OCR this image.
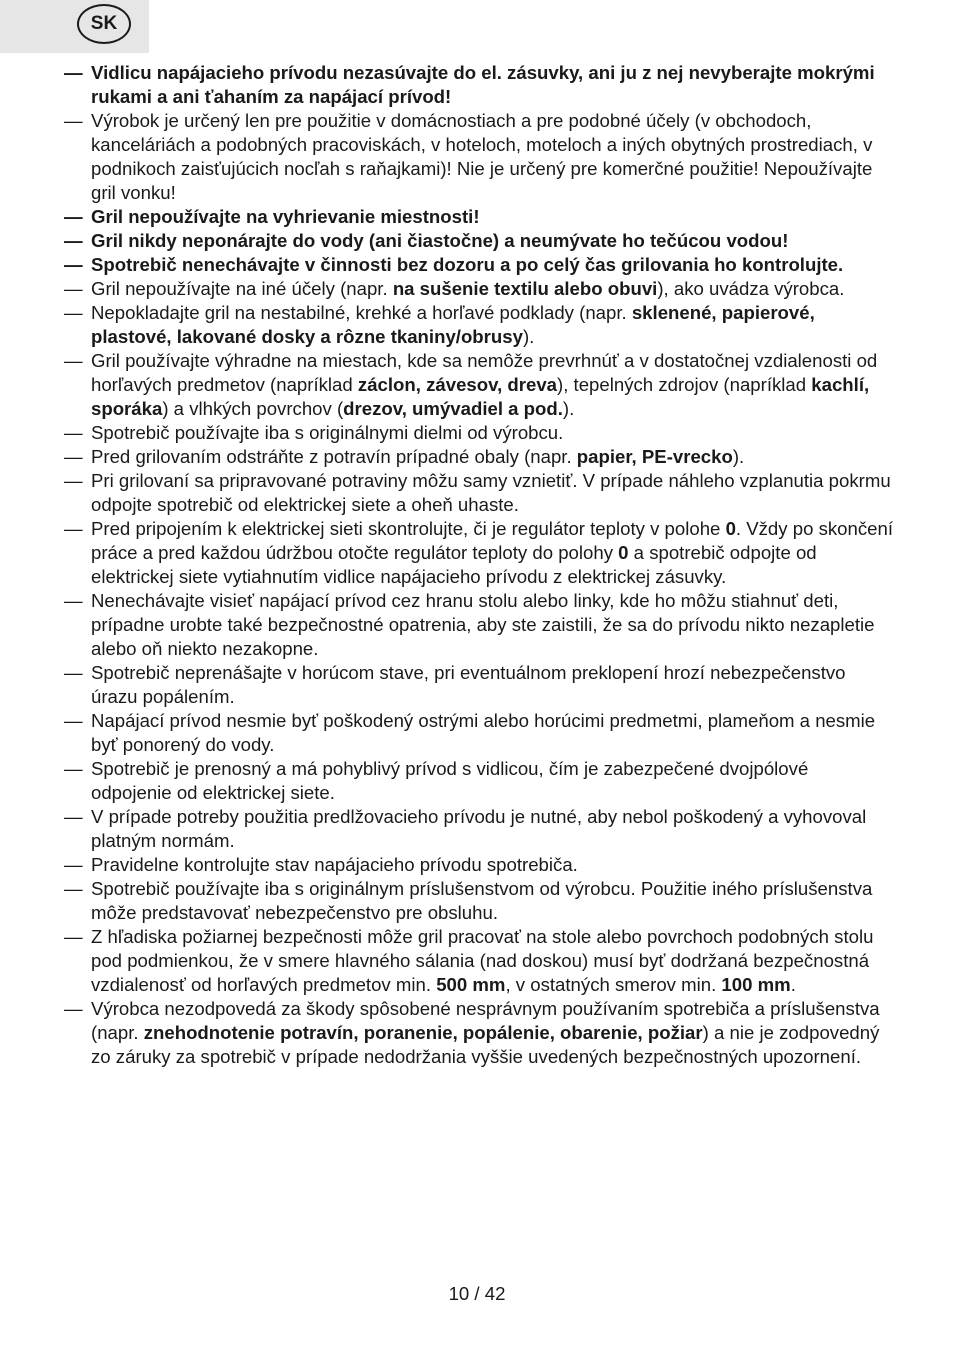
SK
— Vidlicu napájacieho prívodu nezasúvajte do el. zásuvky, ani ju z nej nevyberajte mokrými rukami a ani ťahaním za napájací prívod!
— Výrobok je určený len pre použitie v domácnostiach a pre podobné účely (v obchodoch, kanceláriách a podobných pracoviskách, v hoteloch, moteloch a iných obytných prostrediach, v podnikoch zaisťujúcich nocľah s raňajkami)! Nie je určený pre komerčné použitie! Nepoužívajte gril vonku!
— Gril nepoužívajte na vyhrievanie miestnosti!
— Gril nikdy neponárajte do vody (ani čiastočne) a neumývate ho tečúcou vodou!
— Spotrebič nenechávajte v činnosti bez dozoru a po celý čas grilovania ho kontrolujte.
— Gril nepoužívajte na iné účely (napr. na sušenie textilu alebo obuvi), ako uvádza výrobca.
— Nepokladajte gril na nestabilné, krehké a horľavé podklady (napr. sklenené, papierové, plastové, lakované dosky a rôzne tkaniny/obrusy).
— Gril používajte výhradne na miestach, kde sa nemôže prevrhnúť a v dostatočnej vzdialenosti od horľavých predmetov (napríklad záclon, závesov, dreva), tepelných zdrojov (napríklad kachlí, sporáka) a vlhkých povrchov (drezov, umývadiel a pod.).
— Spotrebič používajte iba s originálnymi dielmi od výrobcu.
— Pred grilovaním odstráňte z potravín prípadné obaly (napr. papier, PE-vrecko).
— Pri grilovaní sa pripravované potraviny môžu samy vznietiť. V prípade náhleho vzplanutia pokrmu odpojte spotrebič od elektrickej siete a oheň uhaste.
— Pred pripojením k elektrickej sieti skontrolujte, či je regulátor teploty v polohe 0. Vždy po skončení práce a pred každou údržbou otočte regulátor teploty do polohy 0 a spotrebič odpojte od elektrickej siete vytiahnutím vidlice napájacieho prívodu z elektrickej zásuvky.
— Nenechávajte visieť napájací prívod cez hranu stolu alebo linky, kde ho môžu stiahnuť deti, prípadne urobte také bezpečnostné opatrenia, aby ste zaistili, že sa do prívodu nikto nezapletie alebo oň niekto nezakopne.
— Spotrebič neprenášajte v horúcom stave, pri eventuálnom preklopení hrozí nebezpečenstvo úrazu popálením.
— Napájací prívod nesmie byť poškodený ostrými alebo horúcimi predmetmi, plameňom a nesmie byť ponorený do vody.
— Spotrebič je prenosný a má pohyblivý prívod s vidlicou, čím je zabezpečené dvojpólové odpojenie od elektrickej siete.
— V prípade potreby použitia predlžovacieho prívodu je nutné, aby nebol poškodený a vyhovoval platným normám.
— Pravidelne kontrolujte stav napájacieho prívodu spotrebiča.
— Spotrebič používajte iba s originálnym príslušenstvom od výrobcu. Použitie iného príslušenstva môže predstavovať nebezpečenstvo pre obsluhu.
— Z hľadiska požiarnej bezpečnosti môže gril pracovať na stole alebo povrchoch podobných stolu pod podmienkou, že v smere hlavného sálania (nad doskou) musí byť dodržaná bezpečnostná vzdialenosť od horľavých predmetov min. 500 mm, v ostatných smerov min. 100 mm.
— Výrobca nezodpovedá za škody spôsobené nesprávnym používaním spotrebiča a príslušenstva (napr. znehodnotenie potravín, poranenie, popálenie, obarenie, požiar) a nie je zodpovedný zo záruky za spotrebič v prípade nedodržania vyššie uvedených bezpečnostných upozornení.
10 / 42
